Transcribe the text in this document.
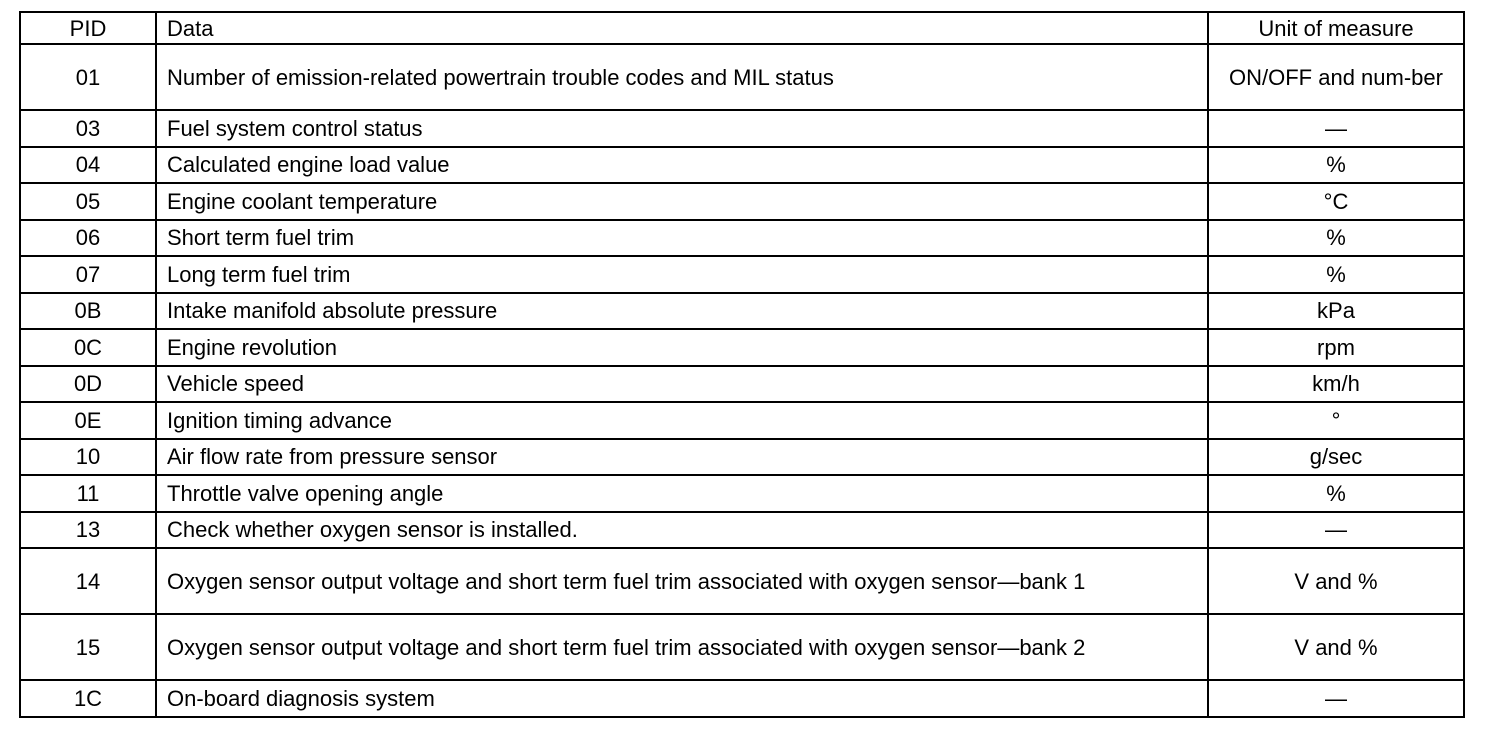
PID	Data	Unit of measure
01	Number of emission-related powertrain trouble codes and MIL status	ON/OFF and num-ber
03	Fuel system control status	—
04	Calculated engine load value	%
05	Engine coolant temperature	°C
06	Short term fuel trim	%
07	Long term fuel trim	%
0B	Intake manifold absolute pressure	kPa
0C	Engine revolution	rpm
0D	Vehicle speed	km/h
0E	Ignition timing advance	°
10	Air flow rate from pressure sensor	g/sec
11	Throttle valve opening angle	%
13	Check whether oxygen sensor is installed.	—
14	Oxygen sensor output voltage and short term fuel trim associated with oxygen sensor—bank 1	V and %
15	Oxygen sensor output voltage and short term fuel trim associated with oxygen sensor—bank 2	V and %
1C	On-board diagnosis system	—
